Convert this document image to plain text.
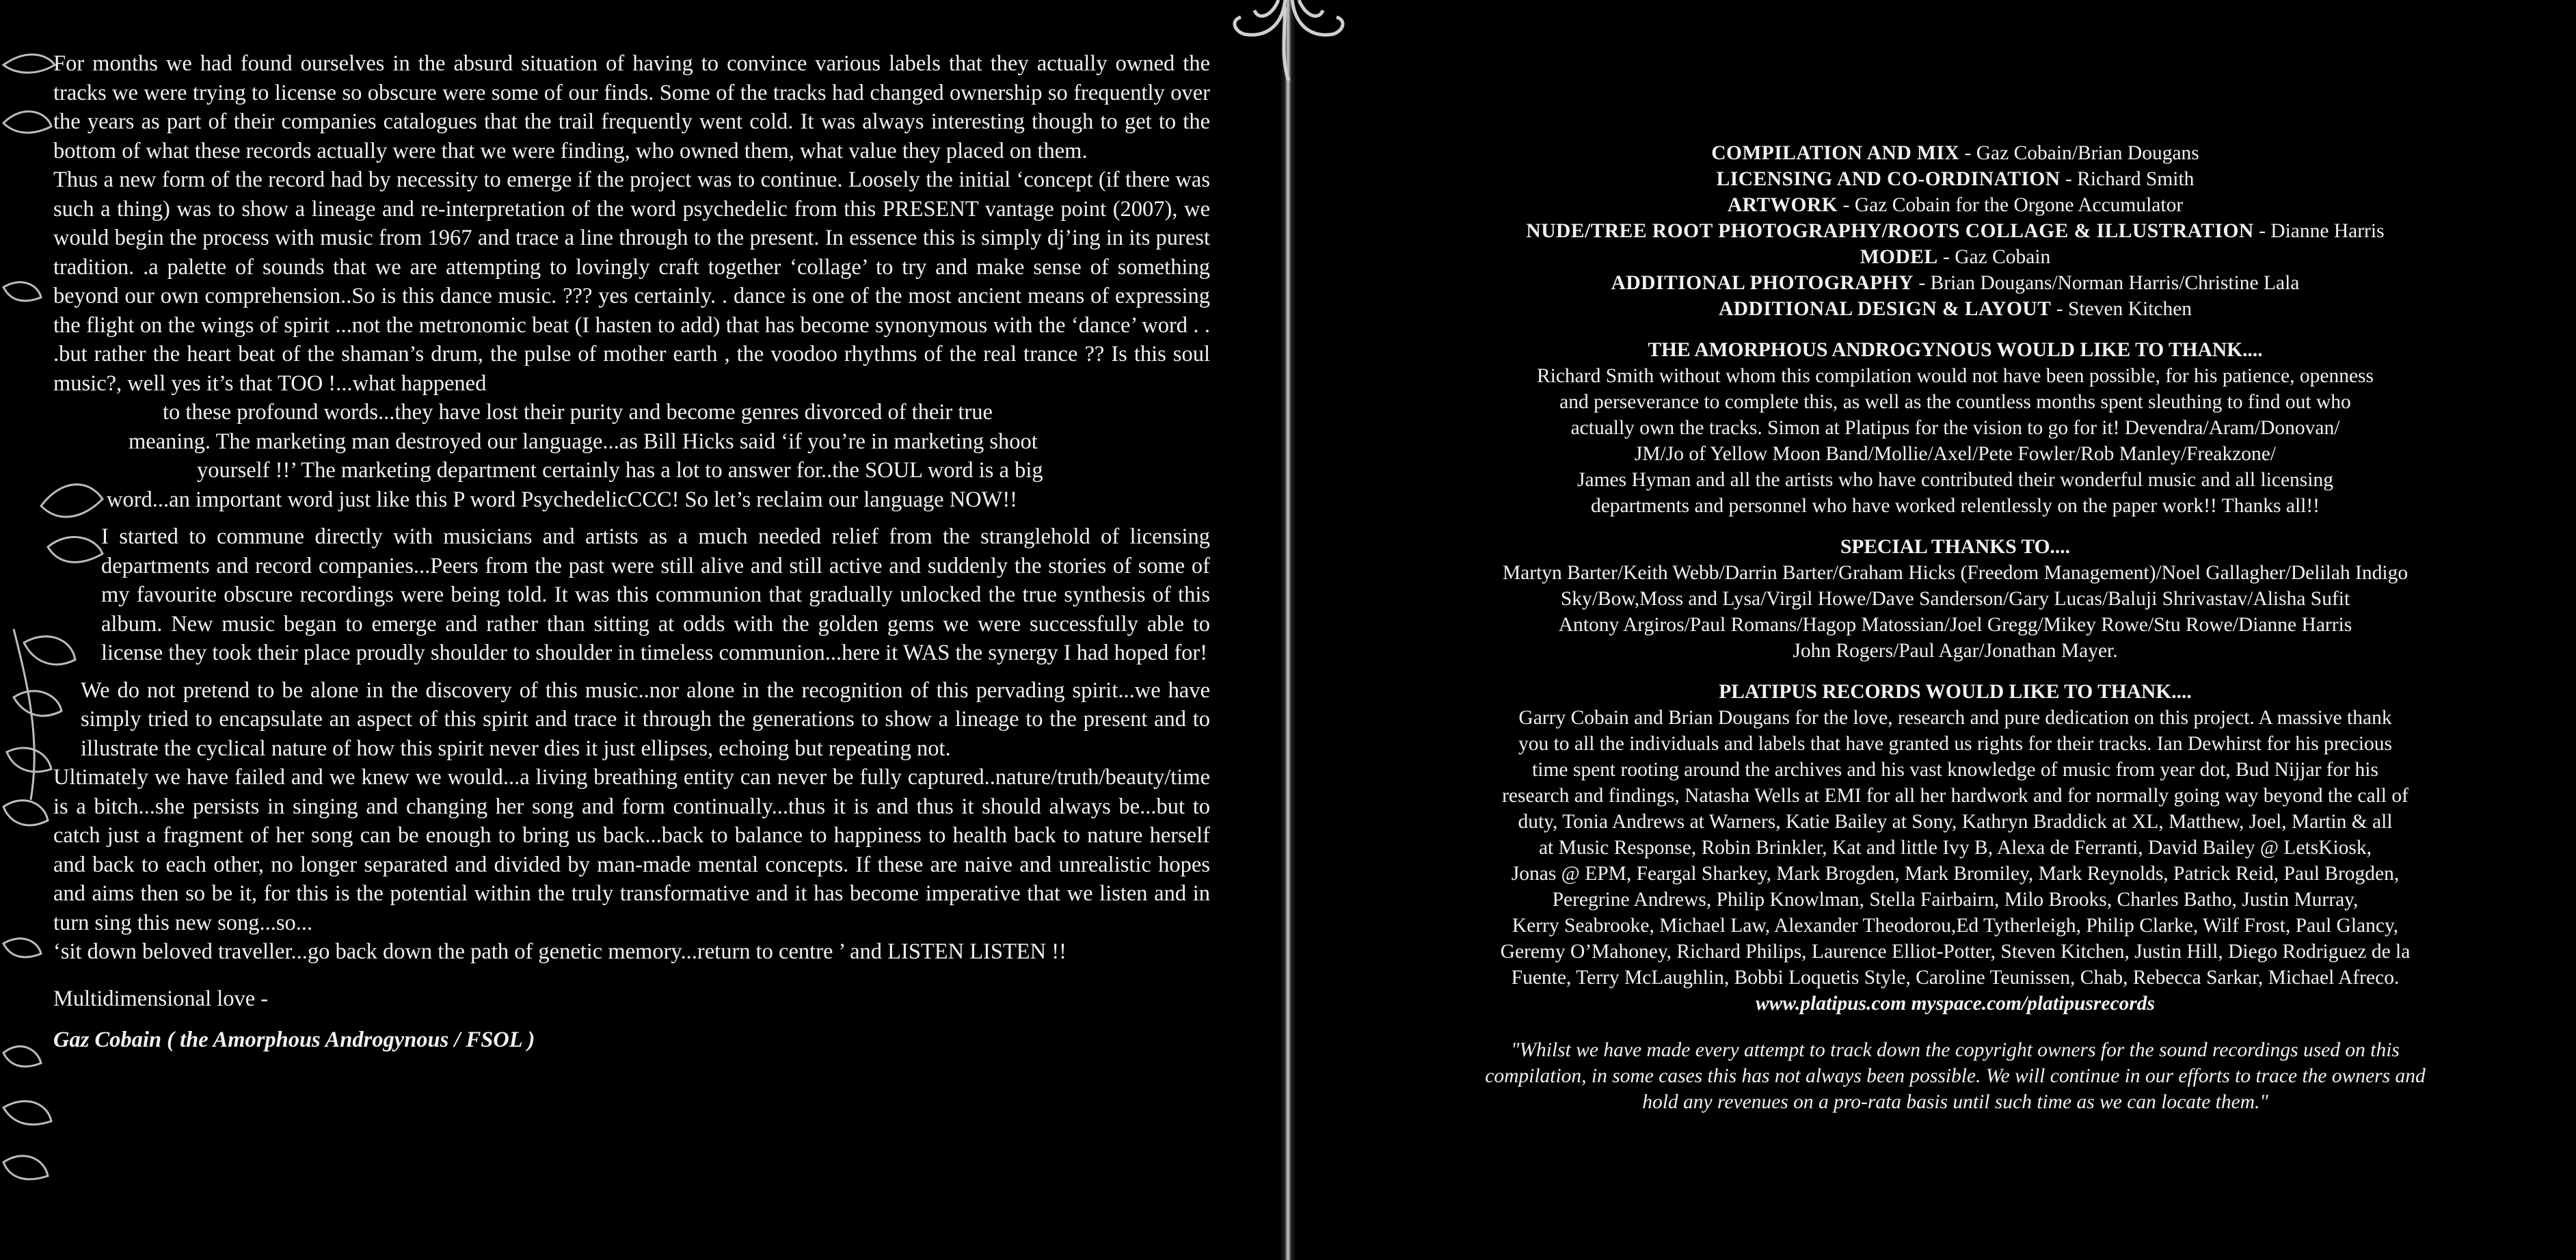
For months we had found ourselves in the absurd situation of having to convince various labels that they actually owned the tracks we were trying to license so obscure were some of our finds. Some of the tracks had changed ownership so frequently over the years as part of their companies catalogues that the trail frequently went cold. It was always interesting though to get to the bottom of what these records actually were that we were finding, who owned them, what value they placed on them.

Thus a new form of the record had by necessity to emerge if the project was to continue. Loosely the initial ‘concept (if there was such a thing) was to show a lineage and re-interpretation of the word psychedelic from this PRESENT vantage point (2007), we would begin the process with music from 1967 and trace a line through to the present. In essence this is simply dj’ing in its purest tradition. .a palette of sounds that we are attempting to lovingly craft together ‘collage’ to try and make sense of something beyond our own comprehension..So is this dance music. ??? yes certainly. . dance is one of the most ancient means of expressing the flight on the wings of spirit ...not the metronomic beat (I hasten to add) that has become synonymous with the ‘dance’ word . . .but rather the heart beat of the shaman’s drum, the pulse of mother earth , the voodoo rhythms of the real trance ?? Is this soul music?, well yes it’s that TOO !...what happened

to these profound words...they have lost their purity and become genres divorced of their true

meaning. The marketing man destroyed our language...as Bill Hicks said ‘if you’re in marketing shoot

yourself !!’ The marketing department certainly has a lot to answer for..the SOUL word is a big

word...an important word just like this P word PsychedelicCCC! So let’s reclaim our language NOW!!

I started to commune directly with musicians and artists as a much needed relief from the stranglehold of licensing departments and record companies...Peers from the past were still alive and still active and suddenly the stories of some of my favourite obscure recordings were being told. It was this communion that gradually unlocked the true synthesis of this album. New music began to emerge and rather than sitting at odds with the golden gems we were successfully able to license they took their place proudly shoulder to shoulder in timeless communion...here it WAS the synergy I had hoped for!

We do not pretend to be alone in the discovery of this music..nor alone in the recognition of this pervading spirit...we have simply tried to encapsulate an aspect of this spirit and trace it through the generations to show a lineage to the present and to illustrate the cyclical nature of how this spirit never dies it just ellipses, echoing but repeating not.

Ultimately we have failed and we knew we would...a living breathing entity can never be fully captured..nature/truth/beauty/time is a bitch...she persists in singing and changing her song and form continually...thus it is and thus it should always be...but to catch just a fragment of her song can be enough to bring us back...back to balance to happiness to health back to nature herself and back to each other, no longer separated and divided by man-made mental concepts. If these are naive and unrealistic hopes and aims then so be it, for this is the potential within the truly transformative and it has become imperative that we listen and in turn sing this new song...so...

‘sit down beloved traveller...go back down the path of genetic memory...return to centre ’ and LISTEN LISTEN !!

Multidimensional love -

Gaz Cobain ( the Amorphous Androgynous / FSOL )

COMPILATION AND MIX - Gaz Cobain/Brian Dougans

LICENSING AND CO-ORDINATION - Richard Smith

ARTWORK - Gaz Cobain for the Orgone Accumulator

NUDE/TREE ROOT PHOTOGRAPHY/ROOTS COLLAGE & ILLUSTRATION - Dianne Harris

MODEL - Gaz Cobain

ADDITIONAL PHOTOGRAPHY - Brian Dougans/Norman Harris/Christine Lala

ADDITIONAL DESIGN & LAYOUT - Steven Kitchen

THE AMORPHOUS ANDROGYNOUS WOULD LIKE TO THANK....

Richard Smith without whom this compilation would not have been possible, for his patience, openness

and perseverance to complete this, as well as the countless months spent sleuthing to find out who

actually own the tracks. Simon at Platipus for the vision to go for it! Devendra/Aram/Donovan/

JM/Jo of Yellow Moon Band/Mollie/Axel/Pete Fowler/Rob Manley/Freakzone/

James Hyman and all the artists who have contributed their wonderful music and all licensing

departments and personnel who have worked relentlessly on the paper work!! Thanks all!!

SPECIAL THANKS TO....

Martyn Barter/Keith Webb/Darrin Barter/Graham Hicks (Freedom Management)/Noel Gallagher/Delilah Indigo

Sky/Bow,Moss and Lysa/Virgil Howe/Dave Sanderson/Gary Lucas/Baluji Shrivastav/Alisha Sufit

Antony Argiros/Paul Romans/Hagop Matossian/Joel Gregg/Mikey Rowe/Stu Rowe/Dianne Harris

John Rogers/Paul Agar/Jonathan Mayer.

PLATIPUS RECORDS WOULD LIKE TO THANK....

Garry Cobain and Brian Dougans for the love, research and pure dedication on this project. A massive thank

you to all the individuals and labels that have granted us rights for their tracks. Ian Dewhirst for his precious

time spent rooting around the archives and his vast knowledge of music from year dot, Bud Nijjar for his

research and findings, Natasha Wells at EMI for all her hardwork and for normally going way beyond the call of

duty, Tonia Andrews at Warners, Katie Bailey at Sony, Kathryn Braddick at XL, Matthew, Joel, Martin & all

at Music Response, Robin Brinkler, Kat and little Ivy B, Alexa de Ferranti, David Bailey @ LetsKiosk,

Jonas @ EPM, Feargal Sharkey, Mark Brogden, Mark Bromiley, Mark Reynolds, Patrick Reid, Paul Brogden,

Peregrine Andrews, Philip Knowlman, Stella Fairbairn, Milo Brooks, Charles Batho, Justin Murray,

Kerry Seabrooke, Michael Law, Alexander Theodorou,Ed Tytherleigh, Philip Clarke, Wilf Frost, Paul Glancy,

Geremy O’Mahoney, Richard Philips, Laurence Elliot-Potter, Steven Kitchen, Justin Hill, Diego Rodriguez de la

Fuente, Terry McLaughlin, Bobbi Loquetis Style, Caroline Teunissen, Chab, Rebecca Sarkar, Michael Afreco.

www.platipus.com myspace.com/platipusrecords

"Whilst we have made every attempt to track down the copyright owners for the sound recordings used on this

compilation, in some cases this has not always been possible. We will continue in our efforts to trace the owners and

hold any revenues on a pro-rata basis until such time as we can locate them."
